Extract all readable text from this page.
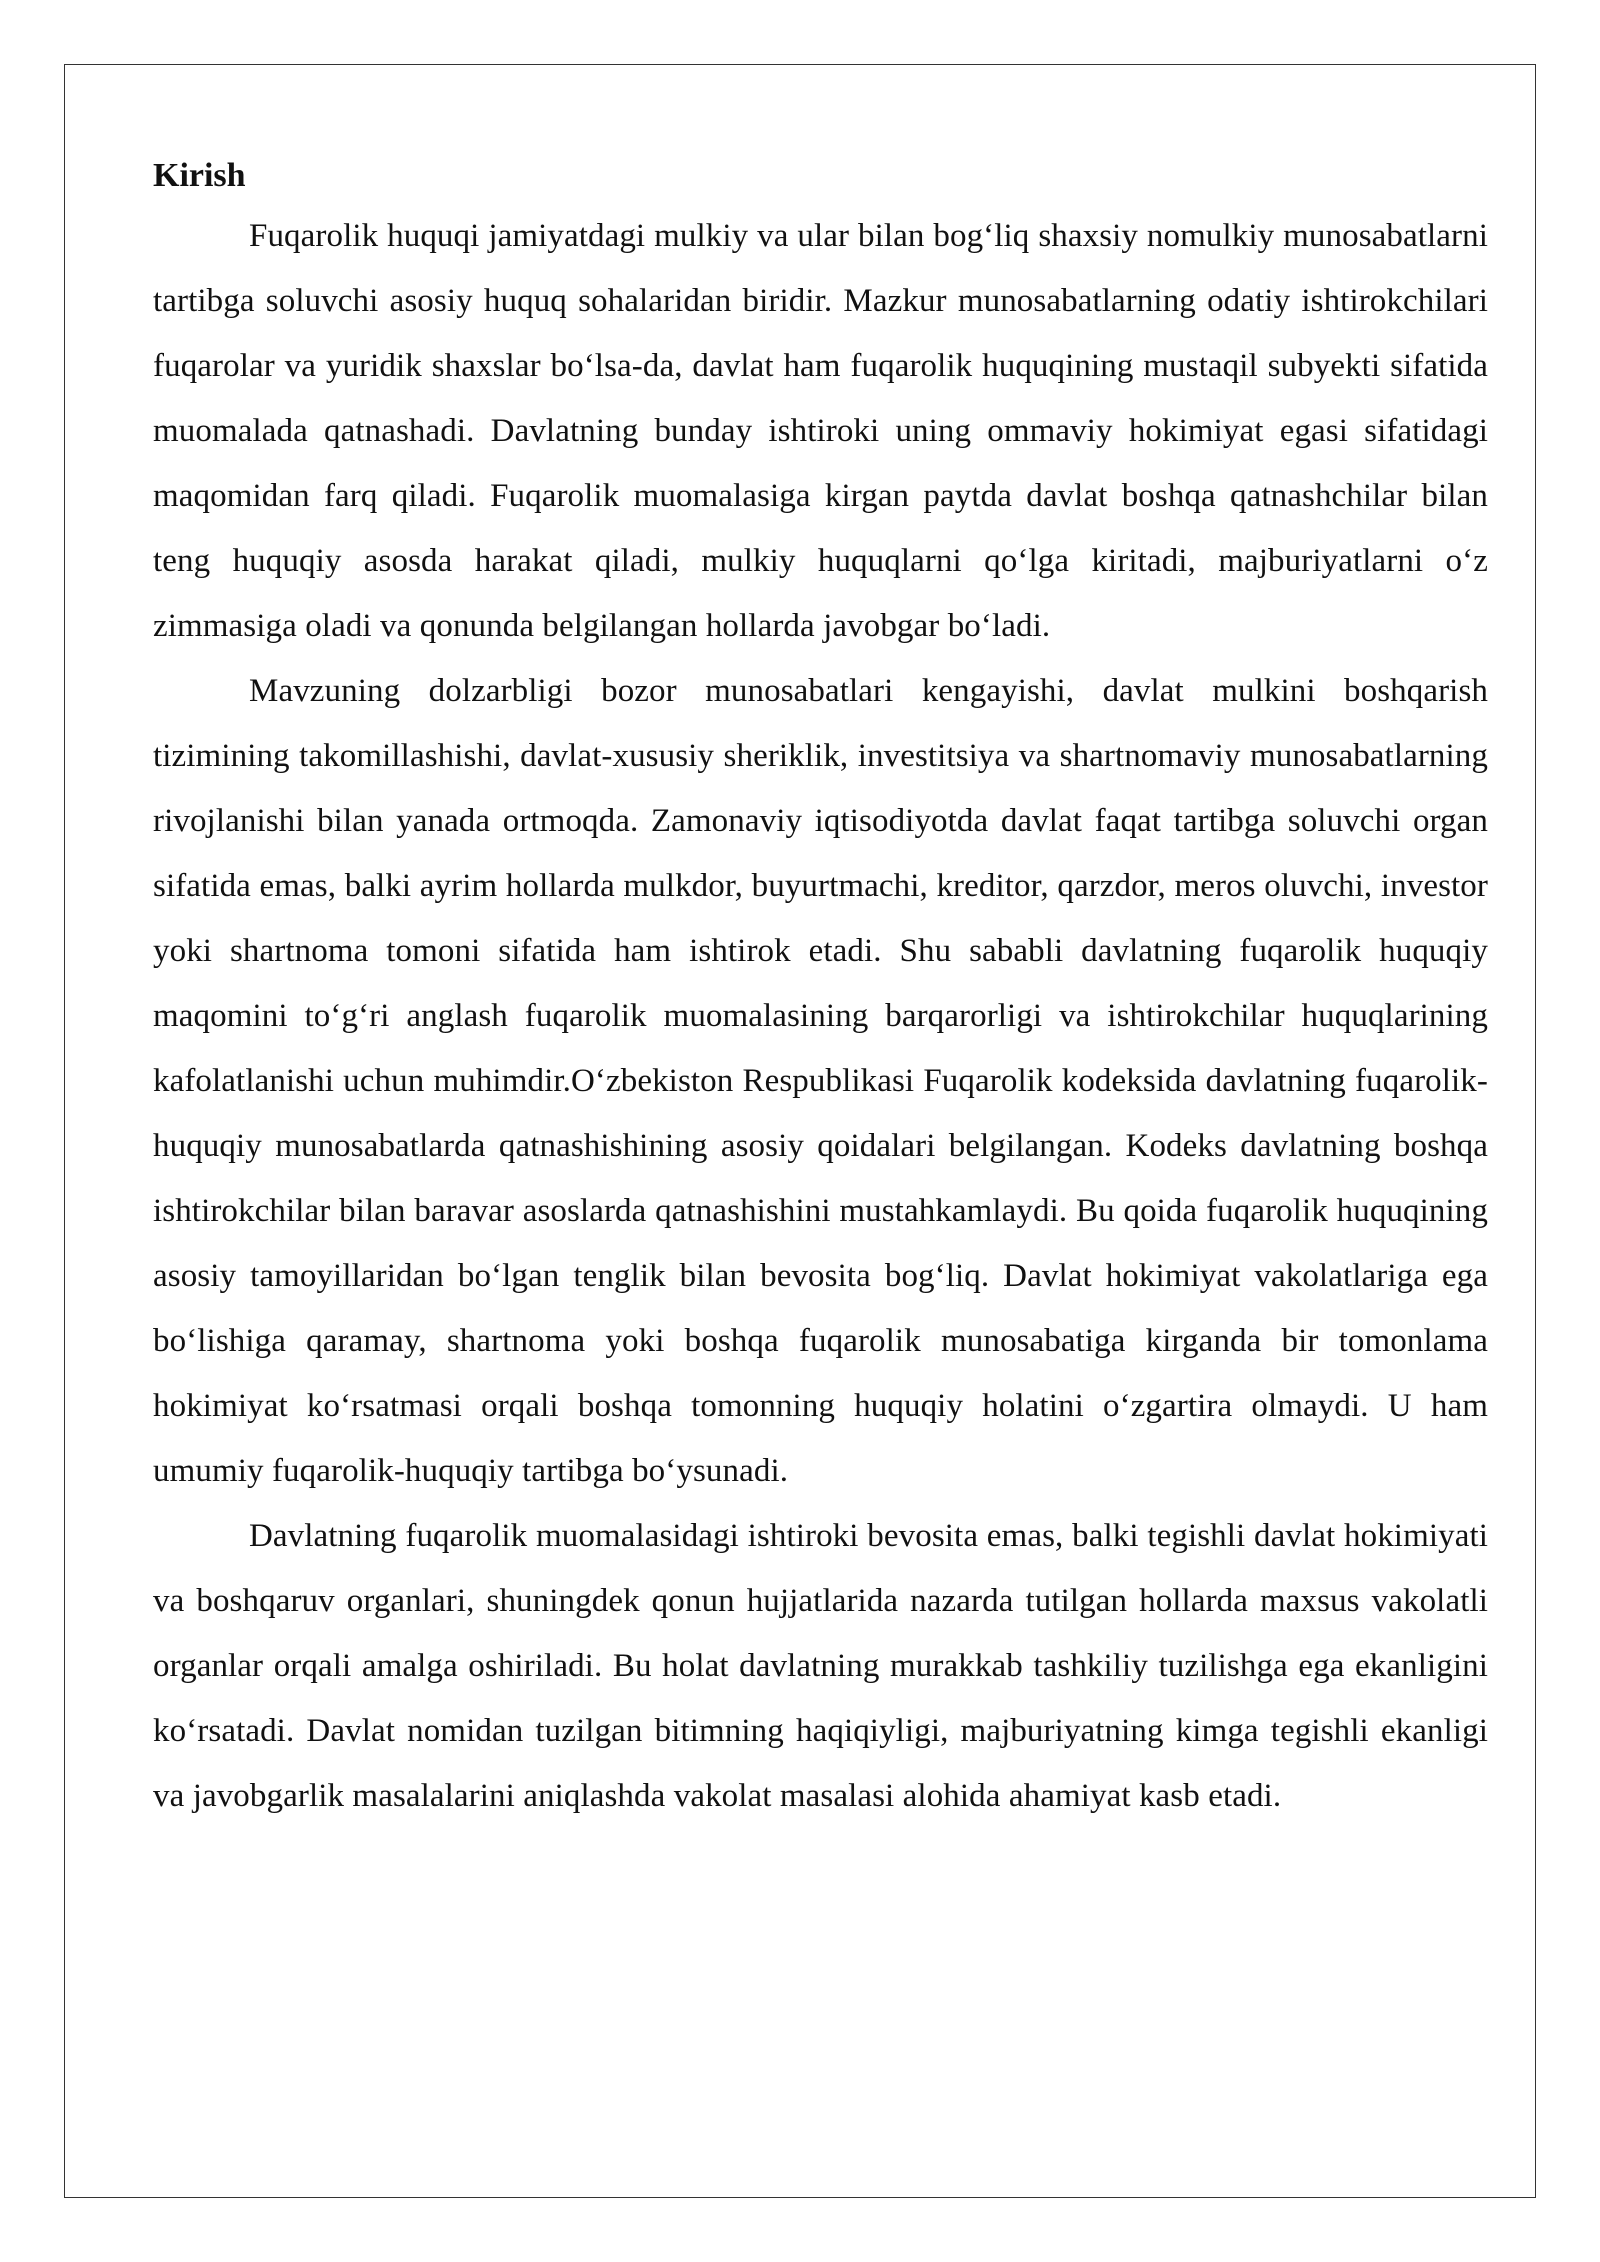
Kirish

Fuqarolik huquqi jamiyatdagi mulkiy va ular bilan bog‘liq shaxsiy nomulkiy munosabatlarni tartibga soluvchi asosiy huquq sohalaridan biridir. Mazkur munosabatlarning odatiy ishtirokchilari fuqarolar va yuridik shaxslar bo‘lsa-da, davlat ham fuqarolik huquqining mustaqil subyekti sifatida muomalada qatnashadi. Davlatning bunday ishtiroki uning ommaviy hokimiyat egasi sifatidagi maqomidan farq qiladi. Fuqarolik muomalasiga kirgan paytda davlat boshqa qatnashchilar bilan teng huquqiy asosda harakat qiladi, mulkiy huquqlarni qo‘lga kiritadi, majburiyatlarni o‘z zimmasiga oladi va qonunda belgilangan hollarda javobgar bo‘ladi.

Mavzuning dolzarbligi bozor munosabatlari kengayishi, davlat mulkini boshqarish tizimining takomillashishi, davlat-xususiy sheriklik, investitsiya va shartnomaviy munosabatlarning rivojlanishi bilan yanada ortmoqda. Zamonaviy iqtisodiyotda davlat faqat tartibga soluvchi organ sifatida emas, balki ayrim hollarda mulkdor, buyurtmachi, kreditor, qarzdor, meros oluvchi, investor yoki shartnoma tomoni sifatida ham ishtirok etadi. Shu sababli davlatning fuqarolik huquqiy maqomini to‘g‘ri anglash fuqarolik muomalasining barqarorligi va ishtirokchilar huquqlarining kafolatlanishi uchun muhimdir.O‘zbekiston Respublikasi Fuqarolik kodeksida davlatning fuqarolik-huquqiy munosabatlarda qatnashishining asosiy qoidalari belgilangan. Kodeks davlatning boshqa ishtirokchilar bilan baravar asoslarda qatnashishini mustahkamlaydi. Bu qoida fuqarolik huquqining asosiy tamoyillaridan bo‘lgan tenglik bilan bevosita bog‘liq. Davlat hokimiyat vakolatlariga ega bo‘lishiga qaramay, shartnoma yoki boshqa fuqarolik munosabatiga kirganda bir tomonlama hokimiyat ko‘rsatmasi orqali boshqa tomonning huquqiy holatini o‘zgartira olmaydi. U ham umumiy fuqarolik-huquqiy tartibga bo‘ysunadi.

Davlatning fuqarolik muomalasidagi ishtiroki bevosita emas, balki tegishli davlat hokimiyati va boshqaruv organlari, shuningdek qonun hujjatlarida nazarda tutilgan hollarda maxsus vakolatli organlar orqali amalga oshiriladi. Bu holat davlatning murakkab tashkiliy tuzilishga ega ekanligini ko‘rsatadi. Davlat nomidan tuzilgan bitimning haqiqiyligi, majburiyatning kimga tegishli ekanligi va javobgarlik masalalarini aniqlashda vakolat masalasi alohida ahamiyat kasb etadi.
